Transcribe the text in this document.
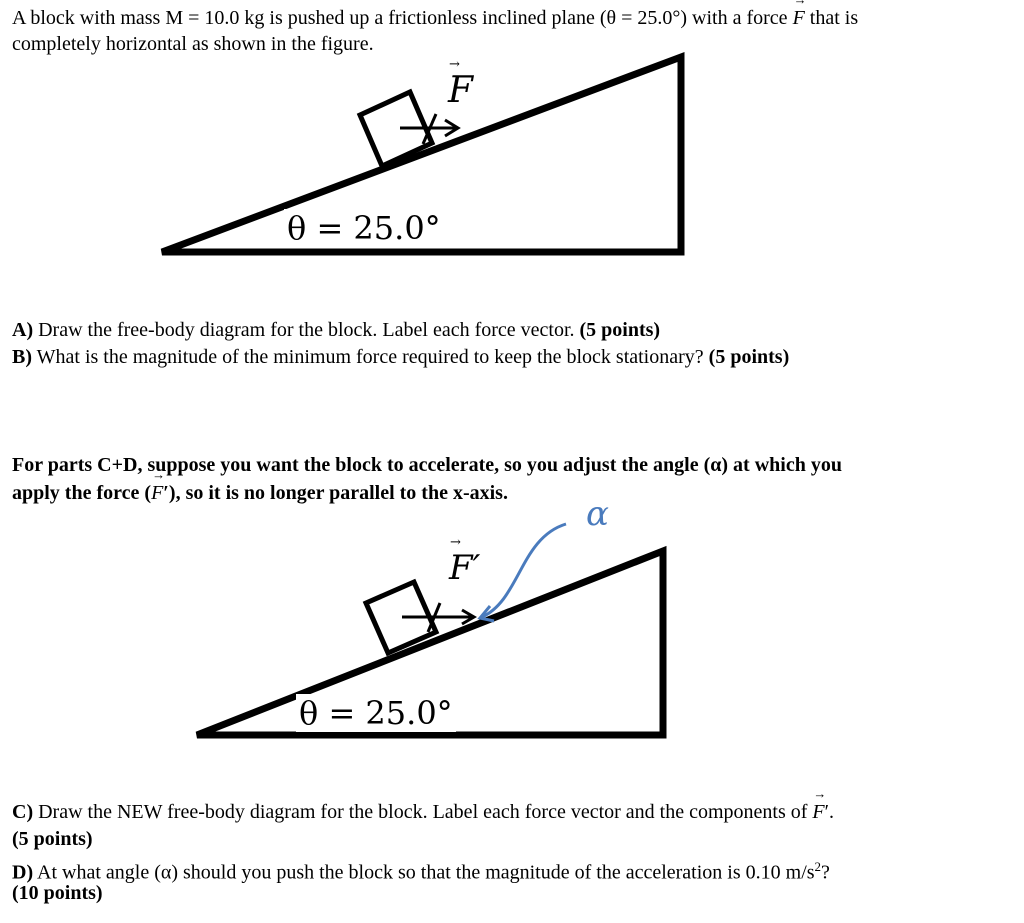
A block with mass M = 10.0 kg is pushed up a frictionless inclined plane (θ = 25.0°) with a force → F that is

completely horizontal as shown in the figure.

→ F
θ = 25.0°

A) Draw the free-body diagram for the block. Label each force vector. (5 points)

B) What is the magnitude of the minimum force required to keep the block stationary? (5 points)

For parts C+D, suppose you want the block to accelerate, so you adjust the angle (α) at which you

apply the force (→ F′), so it is no longer parallel to the x-axis.

→ F′
α
θ = 25.0°

C) Draw the NEW free-body diagram for the block. Label each force vector and the components of → F′.

(5 points)

D) At what angle (α) should you push the block so that the magnitude of the acceleration is 0.10 $m/s^2$?

(10 points)
